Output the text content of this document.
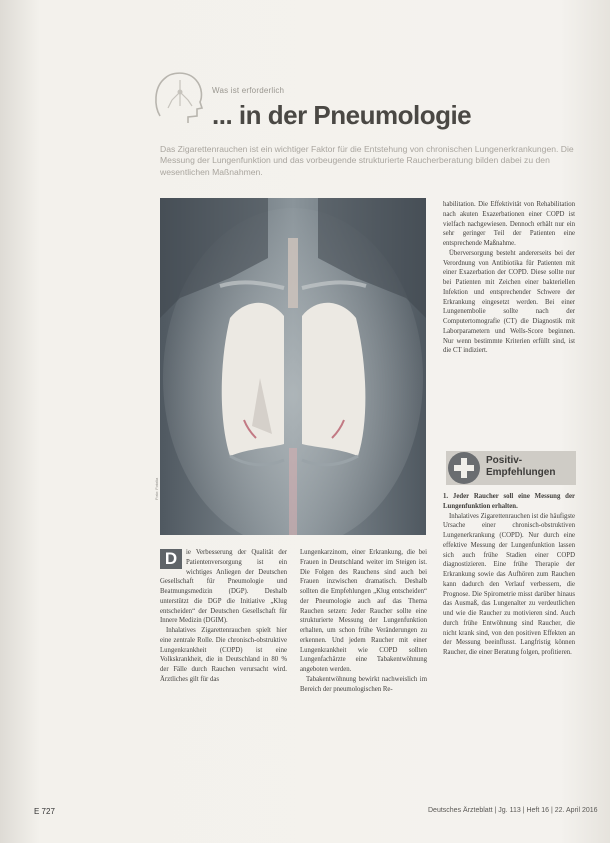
Was ist erforderlich
... in der Pneumologie
Das Zigarettenrauchen ist ein wichtiger Faktor für die Entstehung von chronischen Lungenerkrankungen. Die Messung der Lungenfunktion und das vorbeugende strukturierte Raucherberatung bilden dabei zu den wesentlichen Maßnahmen.
Foto: Fotolia
D	ie Verbesserung der Qualität der Patientenversorgung ist ein wichtiges Anliegen der Deutschen Gesellschaft für Pneumologie und Beatmungsmedizin (DGP). Deshalb unterstützt die DGP die Initiative „Klug entscheiden“ der Deutschen Gesellschaft für Innere Medizin (DGIM).

Inhalatives Zigarettenrauchen spielt hier eine zentrale Rolle. Die chronisch-obstruktive Lungenkrankheit (COPD) ist eine Volkskrankheit, die in Deutschland in 80 % der Fälle durch Rauchen verursacht wird. Ärztliches gilt für das

Lungenkarzinom, einer Erkrankung, die bei Frauen in Deutschland weiter im Steigen ist. Die Folgen des Rauchens sind auch bei Frauen inzwischen dramatisch. Deshalb sollten die Empfehlungen „Klug entscheiden“ der Pneumologie auch auf das Thema Rauchen setzen: Jeder Raucher sollte eine strukturierte Messung der Lungenfunktion erhalten, um schon frühe Veränderungen zu erkennen. Und jedem Raucher mit einer Lungenkrankheit wie COPD sollten Lungenfachärzte eine Tabakentwöhnung angeboten werden.

Tabakentwöhnung bewirkt nachweislich im Bereich der pneumologischen Re-

habilitation. Die Effektivität von Rehabilitation nach akuten Exazerbationen einer COPD ist vielfach nachgewiesen. Dennoch erhält nur ein sehr geringer Teil der Patienten eine entsprechende Maßnahme.

Überversorgung besteht andererseits bei der Verordnung von Antibiotika für Patienten mit einer Exazerbation der COPD. Diese sollte nur bei Patienten mit Zeichen einer bakteriellen Infektion und entsprechender Schwere der Erkrankung eingesetzt werden. Bei einer Lungenembolie sollte nach der Computertomografie (CT) die Diagnostik mit Laborparametern und Wells-Score beginnen. Nur wenn bestimmte Kriterien erfüllt sind, ist die CT indiziert.

Positiv-
Empfehlungen

1. Jeder Raucher soll eine Messung der Lungenfunktion erhalten.

Inhalatives Zigarettenrauchen ist die häufigste Ursache einer chronisch-obstruktiven Lungenerkrankung (COPD). Nur durch eine effektive Messung der Lungenfunktion lassen sich auch frühe Stadien einer COPD diagnostizieren. Eine frühe Therapie der Erkrankung sowie das Aufhören zum Rauchen kann dadurch den Verlauf verbessern, die Prognose. Die Spirometrie misst darüber hinaus das Ausmaß, das Lungenalter zu verdeutlichen und wie die Raucher zu motivieren sind. Auch durch frühe Entwöhnung sind Raucher, die nicht krank sind, von den positiven Effekten an der Messung beeinflusst. Langfristig können Raucher, die einer Beratung folgen, profitieren.

E 727	Deutsches Ärzteblatt | Jg. 113 | Heft 16 | 22. April 2016
